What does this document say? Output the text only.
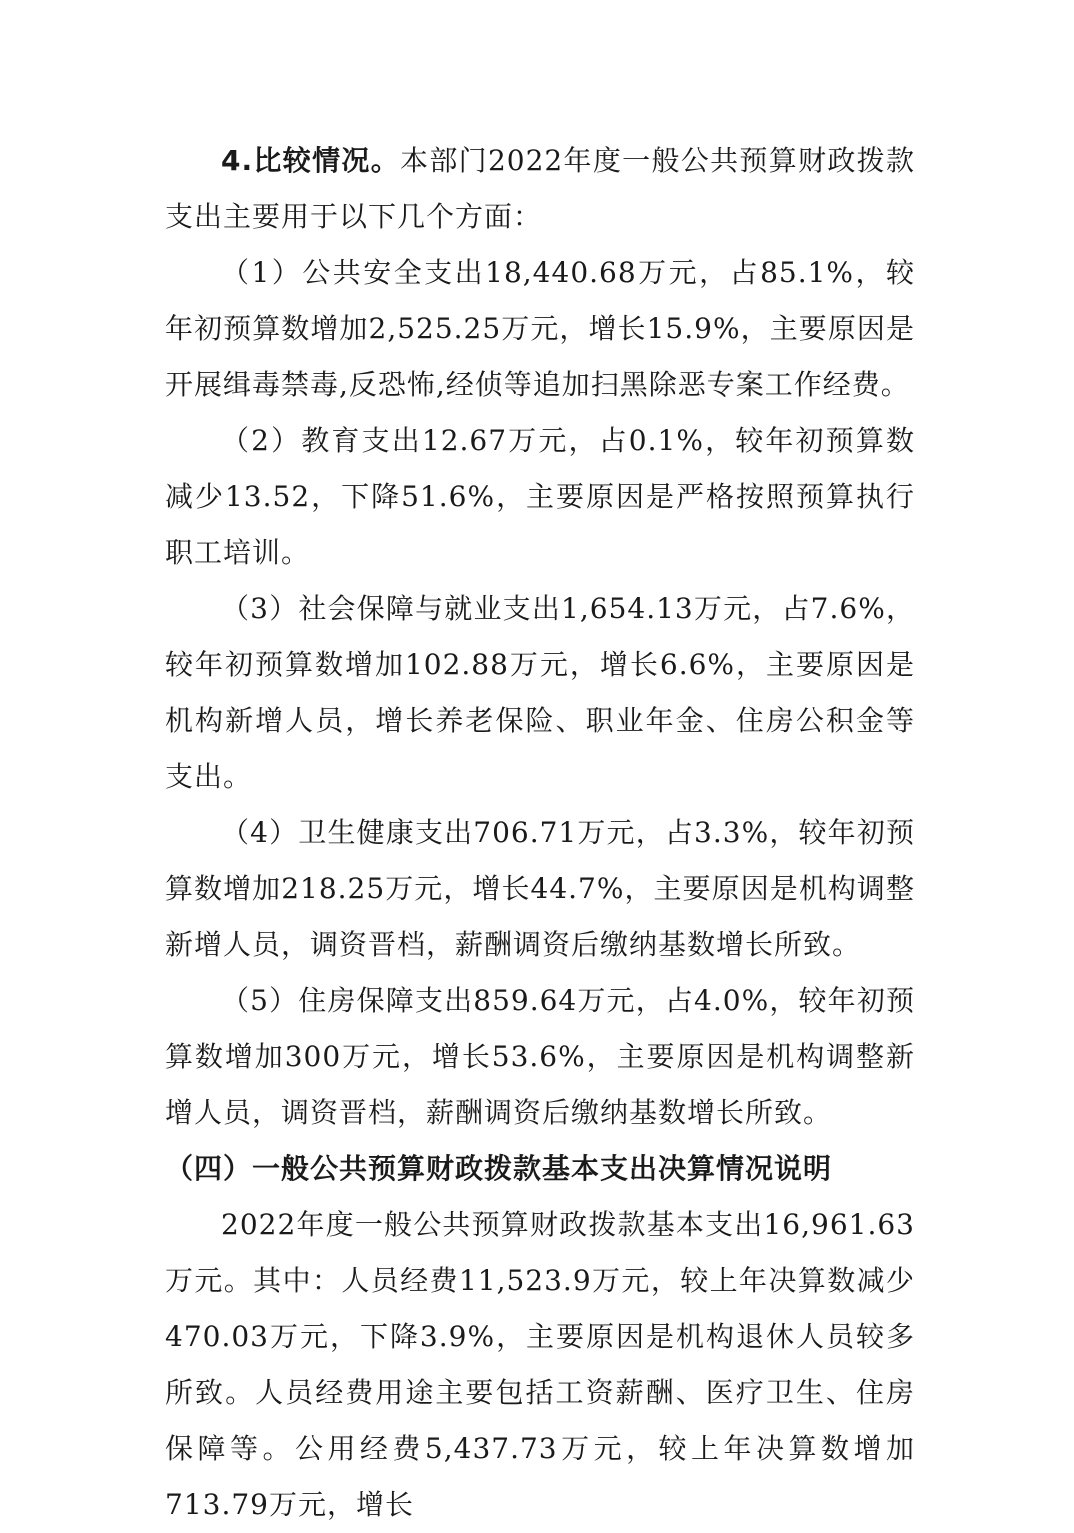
4.比较情况。本部门2022年度一般公共预算财政拨款支出主要用于以下几个方面：

（1）公共安全支出18,440.68万元，占85.1%，较年初预算数增加2,525.25万元，增长15.9%，主要原因是开展缉毒禁毒,反恐怖,经侦等追加扫黑除恶专案工作经费。

（2）教育支出12.67万元，占0.1%，较年初预算数减少13.52，下降51.6%，主要原因是严格按照预算执行职工培训。

（3）社会保障与就业支出1,654.13万元，占7.6%，较年初预算数增加102.88万元，增长6.6%，主要原因是机构新增人员，增长养老保险、职业年金、住房公积金等支出。

（4）卫生健康支出706.71万元，占3.3%，较年初预算数增加218.25万元，增长44.7%，主要原因是机构调整新增人员，调资晋档，薪酬调资后缴纳基数增长所致。

（5）住房保障支出859.64万元，占4.0%，较年初预算数增加300万元，增长53.6%，主要原因是机构调整新增人员，调资晋档，薪酬调资后缴纳基数增长所致。

（四）一般公共预算财政拨款基本支出决算情况说明

2022年度一般公共预算财政拨款基本支出16,961.63万元。其中：人员经费11,523.9万元，较上年决算数减少470.03万元，下降3.9%，主要原因是机构退休人员较多所致。人员经费用途主要包括工资薪酬、医疗卫生、住房保障等。公用经费5,437.73万元，较上年决算数增加713.79万元，增长
